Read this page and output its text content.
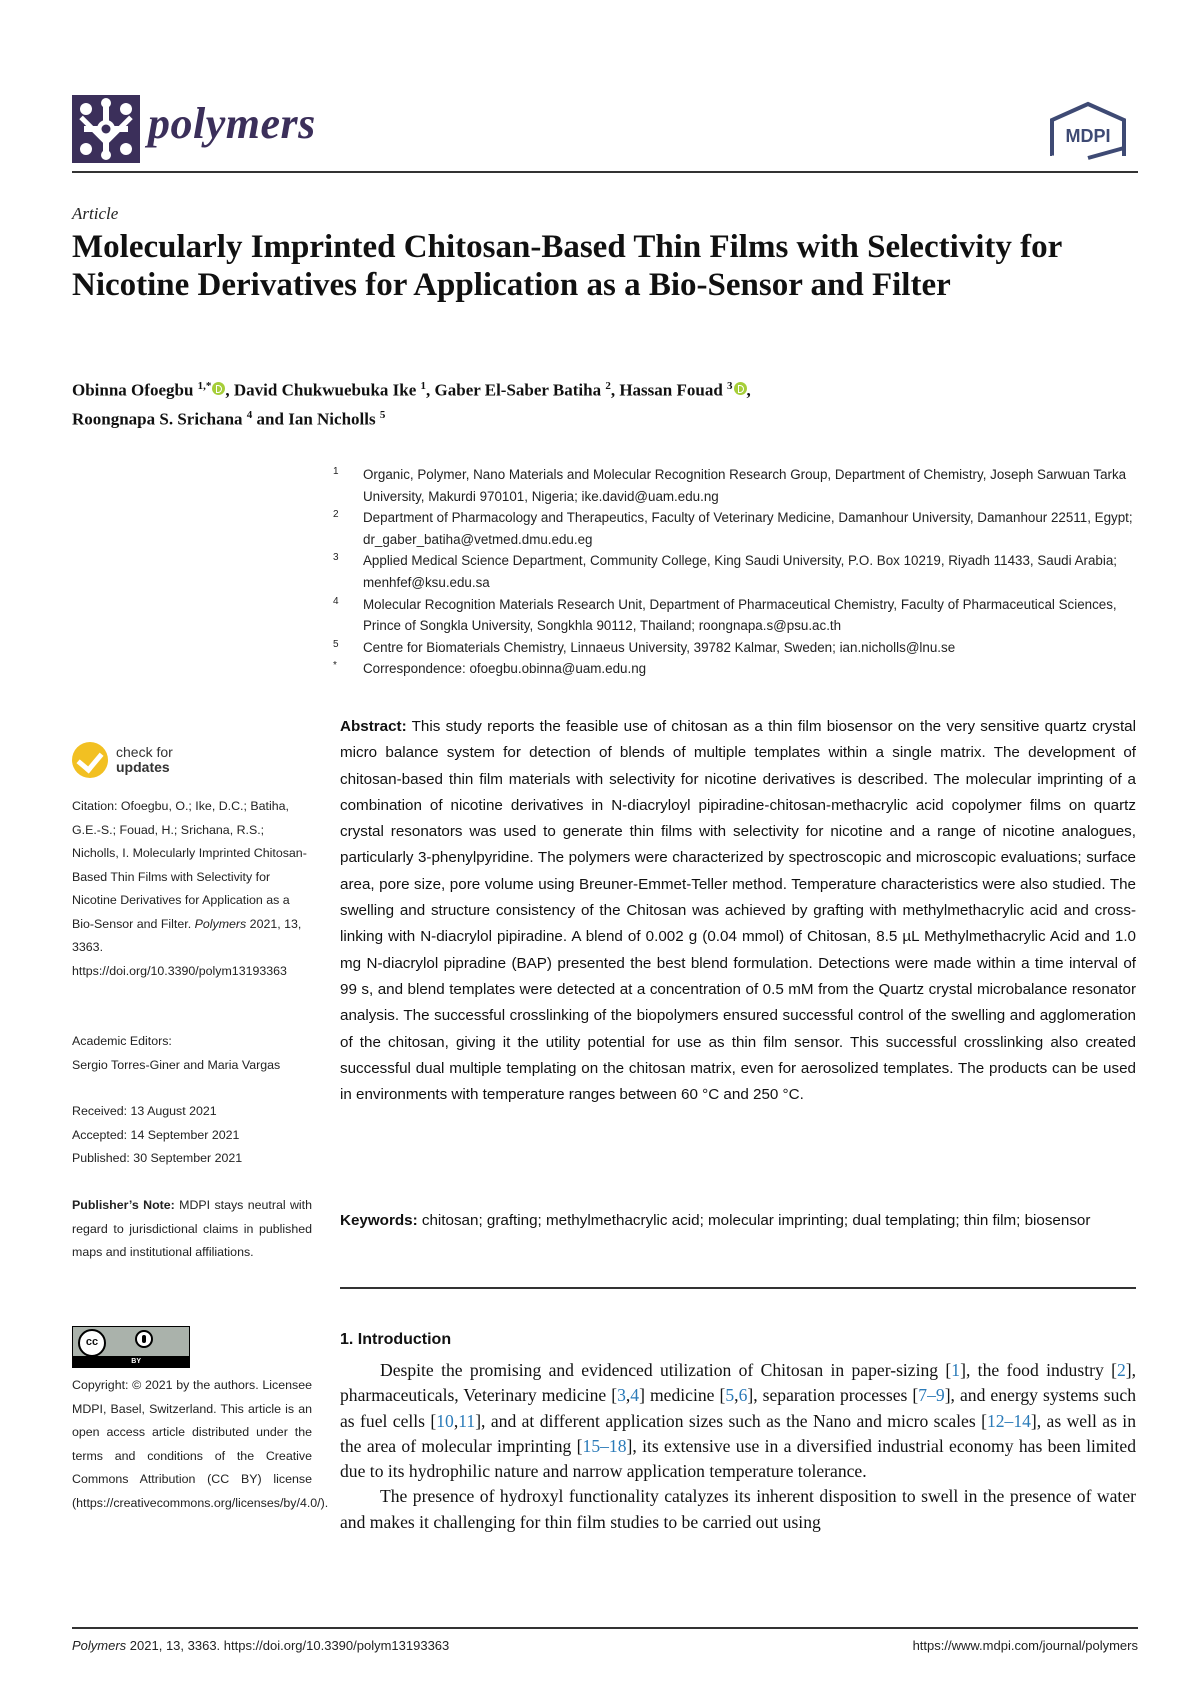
polymers	MDPI
Article
Molecularly Imprinted Chitosan-Based Thin Films with Selectivity for Nicotine Derivatives for Application as a Bio-Sensor and Filter
Obinna Ofoegbu $^{1,*}$ , David Chukwuebuka Ike $^1$, Gaber El-Saber Batiha $^2$, Hassan Fouad $^3$ ,
Roongnapa S. Srichana $^4$ and Ian Nicholls $^5$
1	Organic, Polymer, Nano Materials and Molecular Recognition Research Group, Department of Chemistry, Joseph Sarwuan Tarka University, Makurdi 970101, Nigeria; ike.david@uam.edu.ng
2	Department of Pharmacology and Therapeutics, Faculty of Veterinary Medicine, Damanhour University, Damanhour 22511, Egypt; dr_gaber_batiha@vetmed.dmu.edu.eg
3	Applied Medical Science Department, Community College, King Saudi University, P.O. Box 10219, Riyadh 11433, Saudi Arabia; menhfef@ksu.edu.sa
4	Molecular Recognition Materials Research Unit, Department of Pharmaceutical Chemistry, Faculty of Pharmaceutical Sciences, Prince of Songkla University, Songkhla 90112, Thailand; roongnapa.s@psu.ac.th
5	Centre for Biomaterials Chemistry, Linnaeus University, 39782 Kalmar, Sweden; ian.nicholls@lnu.se
*	Correspondence: ofoegbu.obinna@uam.edu.ng
check for
updates
Citation: Ofoegbu, O.; Ike, D.C.; Batiha, G.E.-S.; Fouad, H.; Srichana, R.S.; Nicholls, I. Molecularly Imprinted Chitosan-Based Thin Films with Selectivity for Nicotine Derivatives for Application as a Bio-Sensor and Filter. Polymers 2021, 13, 3363. https://doi.org/10.3390/polym13193363
Academic Editors:
Sergio Torres-Giner and Maria Vargas
Received: 13 August 2021
Accepted: 14 September 2021
Published: 30 September 2021
Publisher’s Note: MDPI stays neutral with regard to jurisdictional claims in published maps and institutional affiliations.
cc
BY
Copyright: © 2021 by the authors. Licensee MDPI, Basel, Switzerland. This article is an open access article distributed under the terms and conditions of the Creative Commons Attribution (CC BY) license (https://creativecommons.org/licenses/by/4.0/).
Abstract: This study reports the feasible use of chitosan as a thin film biosensor on the very sensitive quartz crystal micro balance system for detection of blends of multiple templates within a single matrix. The development of chitosan-based thin film materials with selectivity for nicotine derivatives is described. The molecular imprinting of a combination of nicotine derivatives in N-diacryloyl pipiradine-chitosan-methacrylic acid copolymer films on quartz crystal resonators was used to generate thin films with selectivity for nicotine and a range of nicotine analogues, particularly 3-phenylpyridine. The polymers were characterized by spectroscopic and microscopic evaluations; surface area, pore size, pore volume using Breuner-Emmet-Teller method. Temperature characteristics were also studied. The swelling and structure consistency of the Chitosan was achieved by grafting with methylmethacrylic acid and cross-linking with N-diacrylol pipiradine. A blend of 0.002 g (0.04 mmol) of Chitosan, 8.5 µL Methylmethacrylic Acid and 1.0 mg N-diacrylol pipradine (BAP) presented the best blend formulation. Detections were made within a time interval of 99 s, and blend templates were detected at a concentration of 0.5 mM from the Quartz crystal microbalance resonator analysis. The successful crosslinking of the biopolymers ensured successful control of the swelling and agglomeration of the chitosan, giving it the utility potential for use as thin film sensor. This successful crosslinking also created successful dual multiple templating on the chitosan matrix, even for aerosolized templates. The products can be used in environments with temperature ranges between 60 °C and 250 °C.
Keywords: chitosan; grafting; methylmethacrylic acid; molecular imprinting; dual templating; thin film; biosensor
1. Introduction

Despite the promising and evidenced utilization of Chitosan in paper-sizing [1], the food industry [2], pharmaceuticals, Veterinary medicine [3,4] medicine [5,6], separation processes [7–9], and energy systems such as fuel cells [10,11], and at different application sizes such as the Nano and micro scales [12–14], as well as in the area of molecular imprinting [15–18], its extensive use in a diversified industrial economy has been limited due to its hydrophilic nature and narrow application temperature tolerance.

The presence of hydroxyl functionality catalyzes its inherent disposition to swell in the presence of water and makes it challenging for thin film studies to be carried out using

Polymers 2021, 13, 3363. https://doi.org/10.3390/polym13193363	https://www.mdpi.com/journal/polymers
